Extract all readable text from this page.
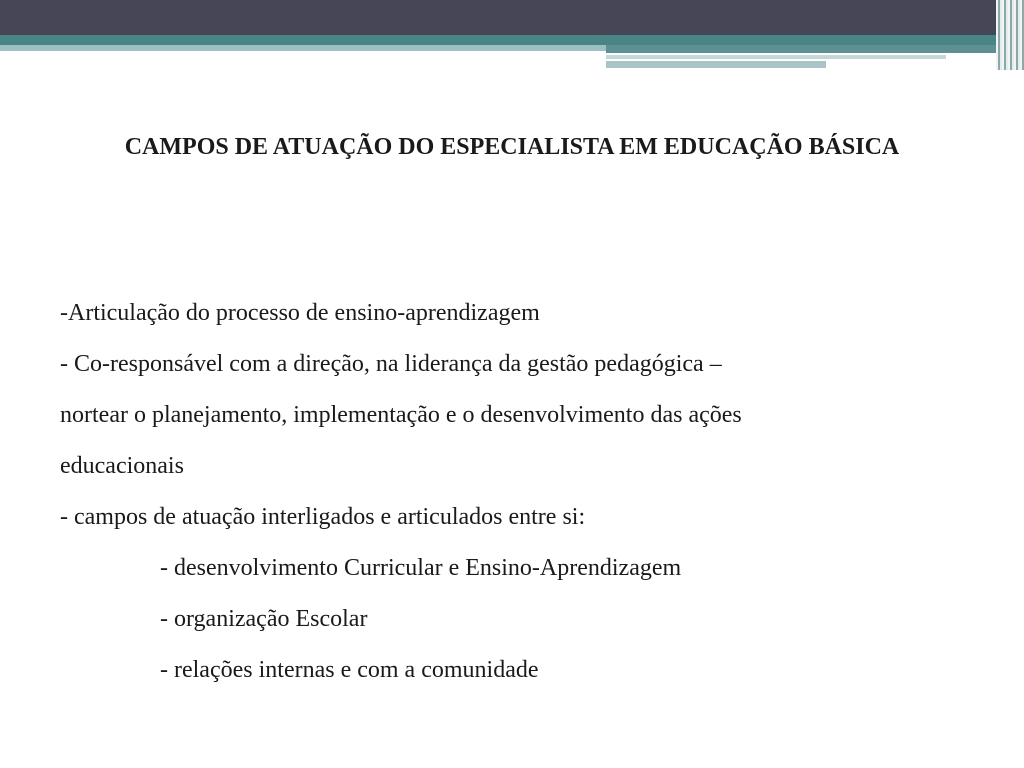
CAMPOS DE ATUAÇÃO DO ESPECIALISTA EM EDUCAÇÃO BÁSICA
-Articulação do processo de ensino-aprendizagem
- Co-responsável com a direção, na liderança da gestão pedagógica –
nortear o planejamento, implementação e o desenvolvimento das ações
educacionais
- campos de atuação interligados e articulados entre si:
- desenvolvimento Curricular e Ensino-Aprendizagem
- organização Escolar
- relações internas e com a comunidade
